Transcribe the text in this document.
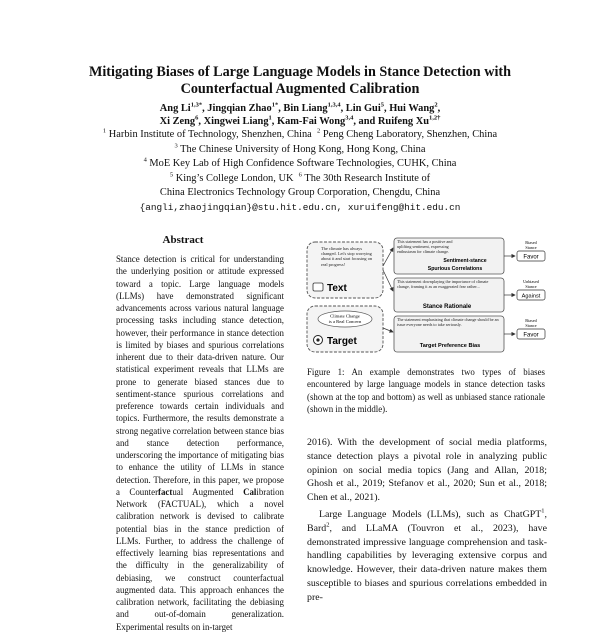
Mitigating Biases of Large Language Models in Stance Detection with
Counterfactual Augmented Calibration
Ang $Li^{1,3*}$, Jingqian Zhao$^{1*}$, Bin Liang$^{1,3,4}$, Lin Gui$^5$, Hui Wang$^2$,
Xi Zeng$^6$, Xingwei Liang$^1$, Kam-Fai Wong$^{3,4}$, and Ruifeng $Xu^{1,2\dagger}$
$^1$ Harbin Institute of Technology, Shenzhen, China $^2$ Peng Cheng Laboratory, Shenzhen, China
$^3$ The Chinese University of Hong Kong, Hong Kong, China
$^4$ MoE Key Lab of High Confidence Software Technologies, CUHK, China
$^5$ King’s College London, UK $^6$ The 30th Research Institute of
China Electronics Technology Group Corporation, Chengdu, China
{angli,zhaojingqian}@stu.hit.edu.cn, xuruifeng@hit.edu.cn
Abstract
Stance detection is critical for understanding the underlying position or attitude expressed toward a topic. Large language models (LLMs) have demonstrated significant advancements across various natural language processing tasks including stance detection, however, their performance in stance detection is limited by biases and spurious correlations inherent due to their data-driven nature. Our statistical experiment reveals that LLMs are prone to generate biased stances due to sentiment-stance spurious correlations and preference towards certain individuals and topics. Furthermore, the results demonstrate a strong negative correlation between stance bias and stance detection performance, underscoring the importance of mitigating bias to enhance the utility of LLMs in stance detection. Therefore, in this paper, we propose a Counterfactual Augmented Calibration Network (FACTUAL), which a novel calibration network is devised to calibrate potential bias in the stance prediction of LLMs. Further, to address the challenge of effectively learning bias representations and the difficulty in the generalizability of debiasing, we construct counterfactual augmented data. This approach enhances the calibration network, facilitating the debiasing and out-of-domain generalization. Experimental results on in-target
The climate has always changed. Let's stop worrying about it and start focusing on real progress!
Text
Climate Change
is a Real Concern
Target
This statement has a positive and uplifting sentiment, expressing enthusiasm for climate change.
Sentiment-stance
Spurious Correlations
This statement downplaying the importance of climate change, framing it as an exaggerated fear rather...
Stance Rationale
The statement emphasizing that climate change should be an issue everyone needs to take seriously.
Target Preference Bias
Biased
Stance
Favor
Unbiased
Stance
Against
Biased
Stance
Favor
Figure 1: An example demonstrates two types of biases encountered by large language models in stance detection tasks (shown at the top and bottom) as well as unbiased stance rationale (shown in the middle).

2016). With the development of social media platforms, stance detection plays a pivotal role in analyzing public opinion on social media topics (Jang and Allan, 2018; Ghosh et al., 2019; Stefanov et al., 2020; Sun et al., 2018; Chen et al., 2021).

Large Language Models (LLMs), such as ChatGPT$^1$, Bard$^2$, and LLaMA (Touvron et al., 2023), have demonstrated impressive language comprehension and task-handling capabilities by leveraging extensive corpus and knowledge. However, their data-driven nature makes them susceptible to biases and spurious correlations embedded in pre-
